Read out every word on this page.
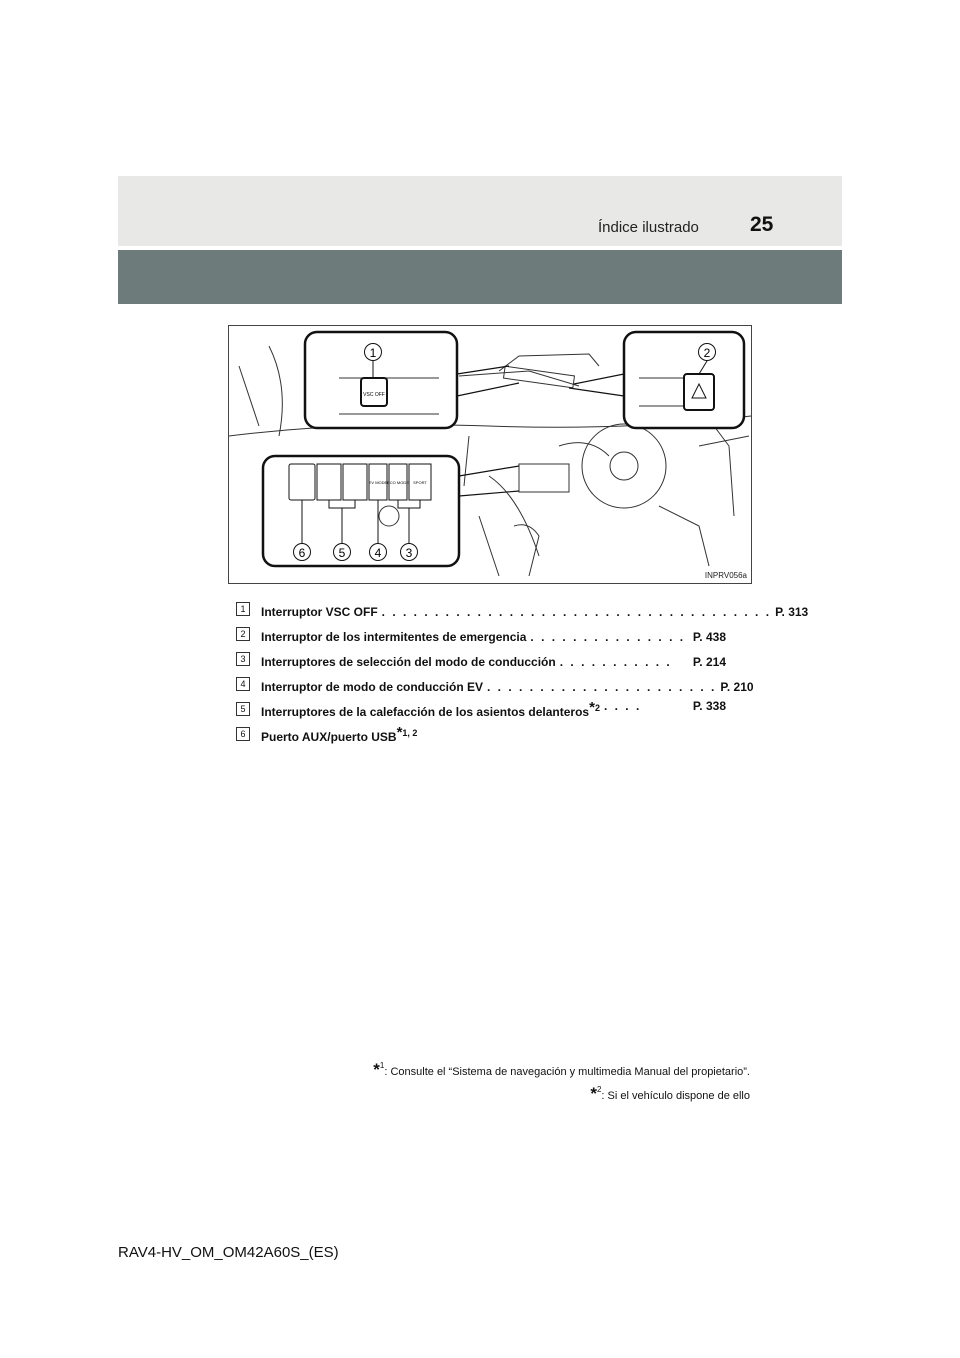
Índice ilustrado 25
VSC OFF
1	2
EV MODE ECO MODE SPORT
6	5 4 3
INPRV056a
1	Interruptor VSC OFF . . . . . . . . . . . . . . . . . . . . . . . . . . . . . . . . . . . . . P. 313
2	Interruptor de los intermitentes de emergencia . . . . . . . . . . . . . . . P. 438
3	Interruptores de selección del modo de conducción . . . . . . . . . . .	P. 214
4	Interruptor de modo de conducción EV . . . . . . . . . . . . . . . . . . . . . . P. 210
5	Interruptores de la calefacción de los asientos delanteros*$^2$ . . . .	P. 338
6	Puerto AUX/puerto USB*$^{1, 2}$
*$^1$: Consulte el “Sistema de navegación y multimedia Manual del propietario”.
*$^2$: Si el vehículo dispone de ello
RAV4-HV_OM_OM42A60S_(ES)
